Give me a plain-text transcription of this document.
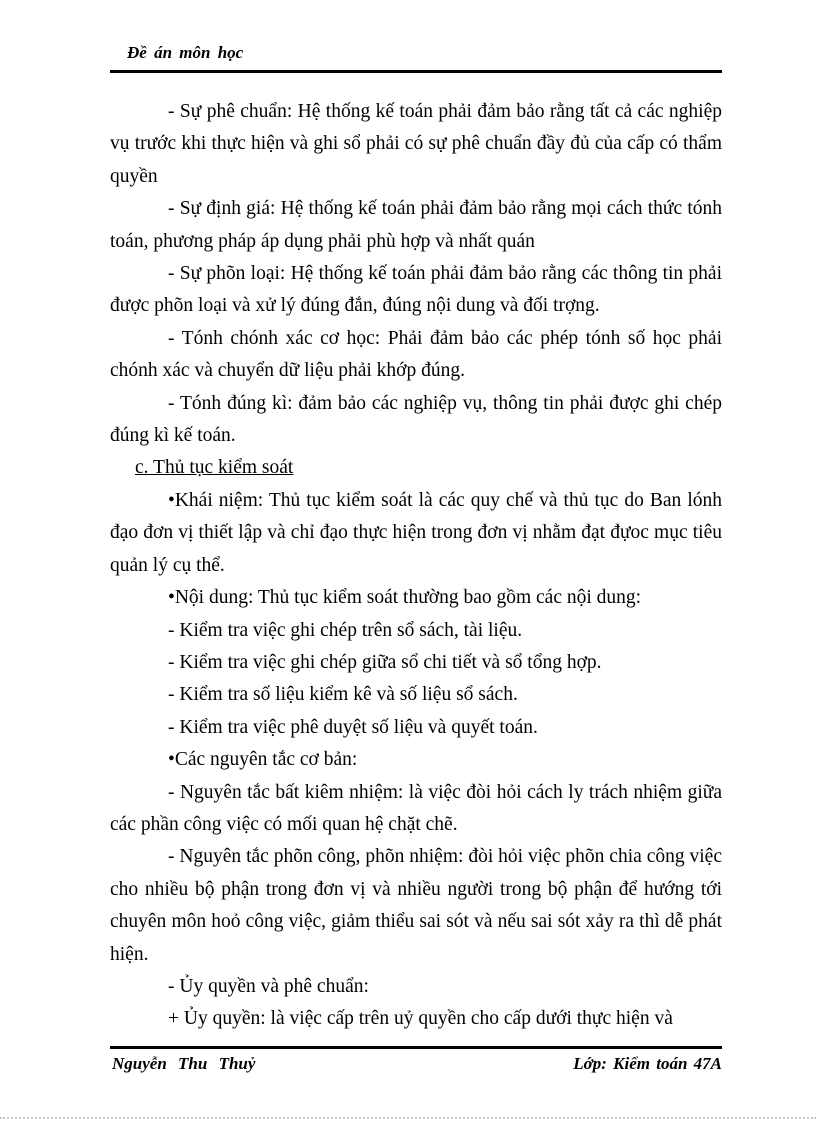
Đề án môn học

- Sự phê chuẩn: Hệ thống kế toán phải đảm bảo rằng tất cả các nghiệp vụ trước khi thực hiện và ghi sổ phải có sự phê chuẩn đầy đủ của cấp có thẩm quyền

- Sự định giá: Hệ thống kế toán phải đảm bảo rằng mọi cách thức tónh toán, phương pháp áp dụng phải phù hợp và nhất quán

- Sự phõn loại: Hệ thống kế toán phải đảm bảo rằng các thông tin phải được phõn loại và xử lý đúng đắn, đúng nội dung và đối trợng.

- Tónh chónh xác cơ học: Phải đảm bảo các phép tónh số học phải chónh xác và chuyển dữ liệu phải khớp đúng.

- Tónh đúng kì: đảm bảo các nghiệp vụ, thông tin phải được ghi chép đúng kì kế toán.

c. Thủ tục kiểm soát

•Khái niệm: Thủ tục kiểm soát là các quy chế và thủ tục do Ban lónh đạo đơn vị thiết lập và chỉ đạo thực hiện trong đơn vị nhằm đạt đựoc mục tiêu quản lý cụ thể.

•Nội dung: Thủ tục kiểm soát thường bao gồm các nội dung:

- Kiểm tra việc ghi chép trên sổ sách, tài liệu.

- Kiểm tra việc ghi chép giữa sổ chi tiết và sổ tổng hợp.

- Kiểm tra số liệu kiểm kê và số liệu sổ sách.

- Kiểm tra việc phê duyệt số liệu và quyết toán.

•Các nguyên tắc cơ bản:

- Nguyên tắc bất kiêm nhiệm: là việc đòi hỏi cách ly trách nhiệm giữa các phần công việc có mối quan hệ chặt chẽ.

- Nguyên tắc phõn công, phõn nhiệm: đòi hỏi việc phõn chia công việc cho nhiều bộ phận trong đơn vị và nhiều người trong bộ phận để hướng tới chuyên môn hoỏ công việc, giảm thiểu sai sót và nếu sai sót xảy ra thì dễ phát hiện.

- Ủy quyền và phê chuẩn:

+ Ủy quyền: là việc cấp trên uỷ quyền cho cấp dưới thực hiện và

Nguyễn Thu Thuỷ	Lớp: Kiểm toán 47A
